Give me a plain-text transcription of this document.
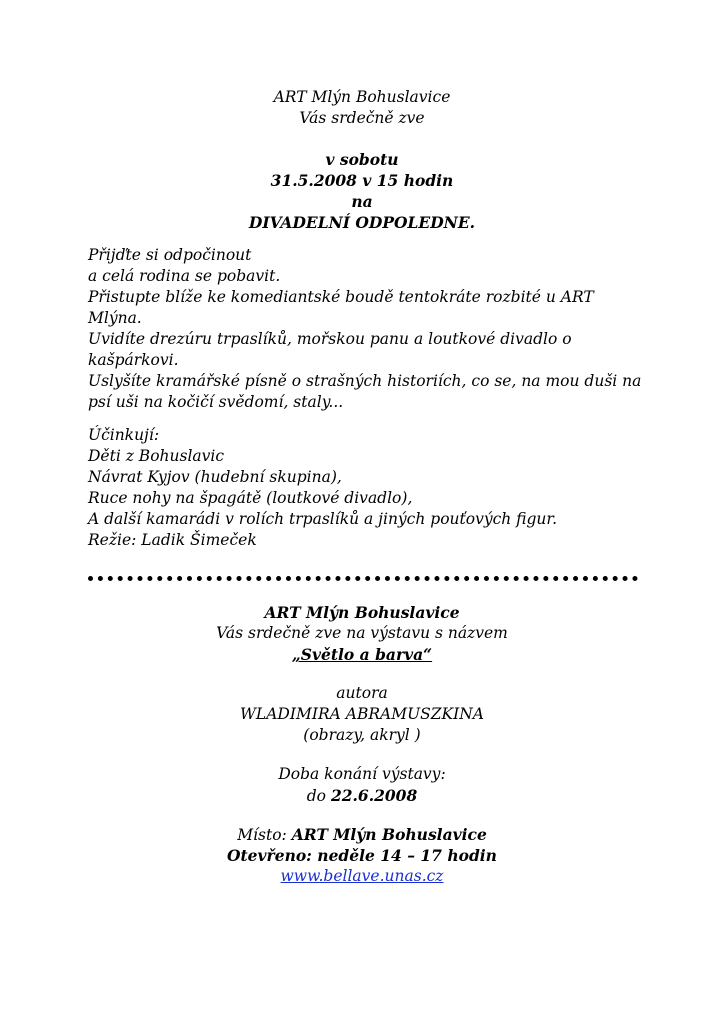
ART Mlýn Bohuslavice
Vás srdečně zve
v sobotu
31.5.2008 v 15 hodin
na
DIVADELNÍ ODPOLEDNE.
Přijďte si odpočinout
a celá rodina se pobavit.
Přistupte blíže ke komediantské boudě tentokráte rozbité u ART
Mlýna.
Uvidíte drezúru trpaslíků, mořskou panu a loutkové divadlo o
kašpárkovi.
Uslyšíte kramářské písně o strašných historiích, co se, na mou duši na
psí uši na kočičí svědomí, staly...
Účinkují:
Děti z Bohuslavic
Návrat Kyjov (hudební skupina),
Ruce nohy na špagátě (loutkové divadlo),
A další kamarádi v rolích trpaslíků a jiných pouťových figur.
Režie: Ladik Šimeček
ART Mlýn Bohuslavice
Vás srdečně zve na výstavu s názvem
„Světlo a barva“
autora
WLADIMIRA ABRAMUSZKINA
(obrazy, akryl )
Doba konání výstavy:
do 22.6.2008
Místo: ART Mlýn Bohuslavice
Otevřeno: neděle 14 – 17 hodin
www.bellave.unas.cz
